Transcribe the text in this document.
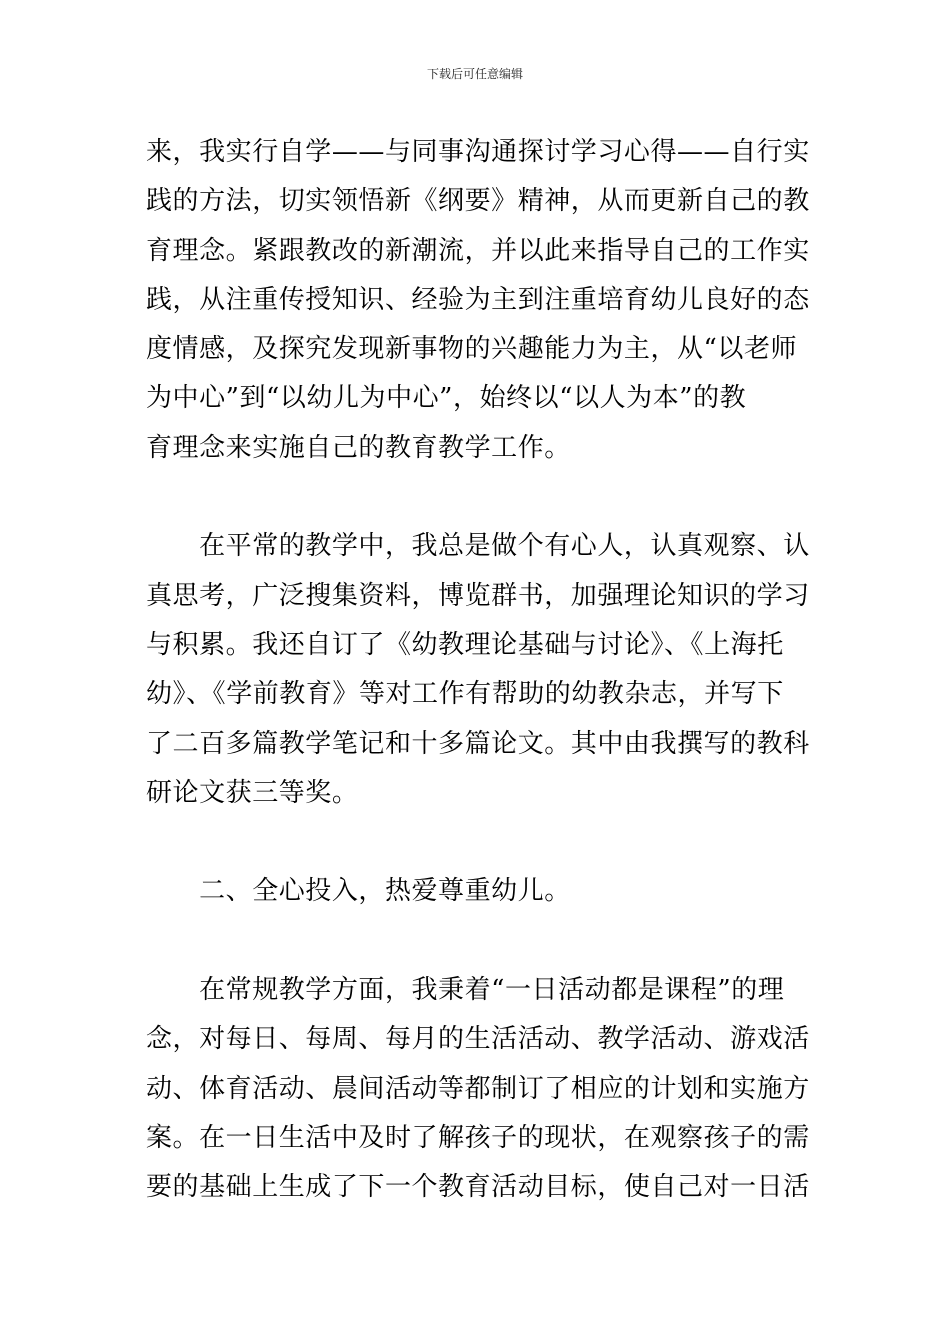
下载后可任意编辑
来，我实行自学——与同事沟通探讨学习心得——自行实
践的方法，切实领悟新《纲要》精神，从而更新自己的教
育理念。紧跟教改的新潮流，并以此来指导自己的工作实
践，从注重传授知识、经验为主到注重培育幼儿良好的态
度情感，及探究发现新事物的兴趣能力为主，从“以老师
为中心”到“以幼儿为中心”，始终以“以人为本”的教
育理念来实施自己的教育教学工作。
　　在平常的教学中，我总是做个有心人，认真观察、认
真思考，广泛搜集资料，博览群书，加强理论知识的学习
与积累。我还自订了《幼教理论基础与讨论》、《上海托
幼》、《学前教育》等对工作有帮助的幼教杂志，并写下
了二百多篇教学笔记和十多篇论文。其中由我撰写的教科
研论文获三等奖。
　　二、全心投入，热爱尊重幼儿。
　　在常规教学方面，我秉着“一日活动都是课程”的理
念，对每日、每周、每月的生活活动、教学活动、游戏活
动、体育活动、晨间活动等都制订了相应的计划和实施方
案。在一日生活中及时了解孩子的现状，在观察孩子的需
要的基础上生成了下一个教育活动目标，使自己对一日活
